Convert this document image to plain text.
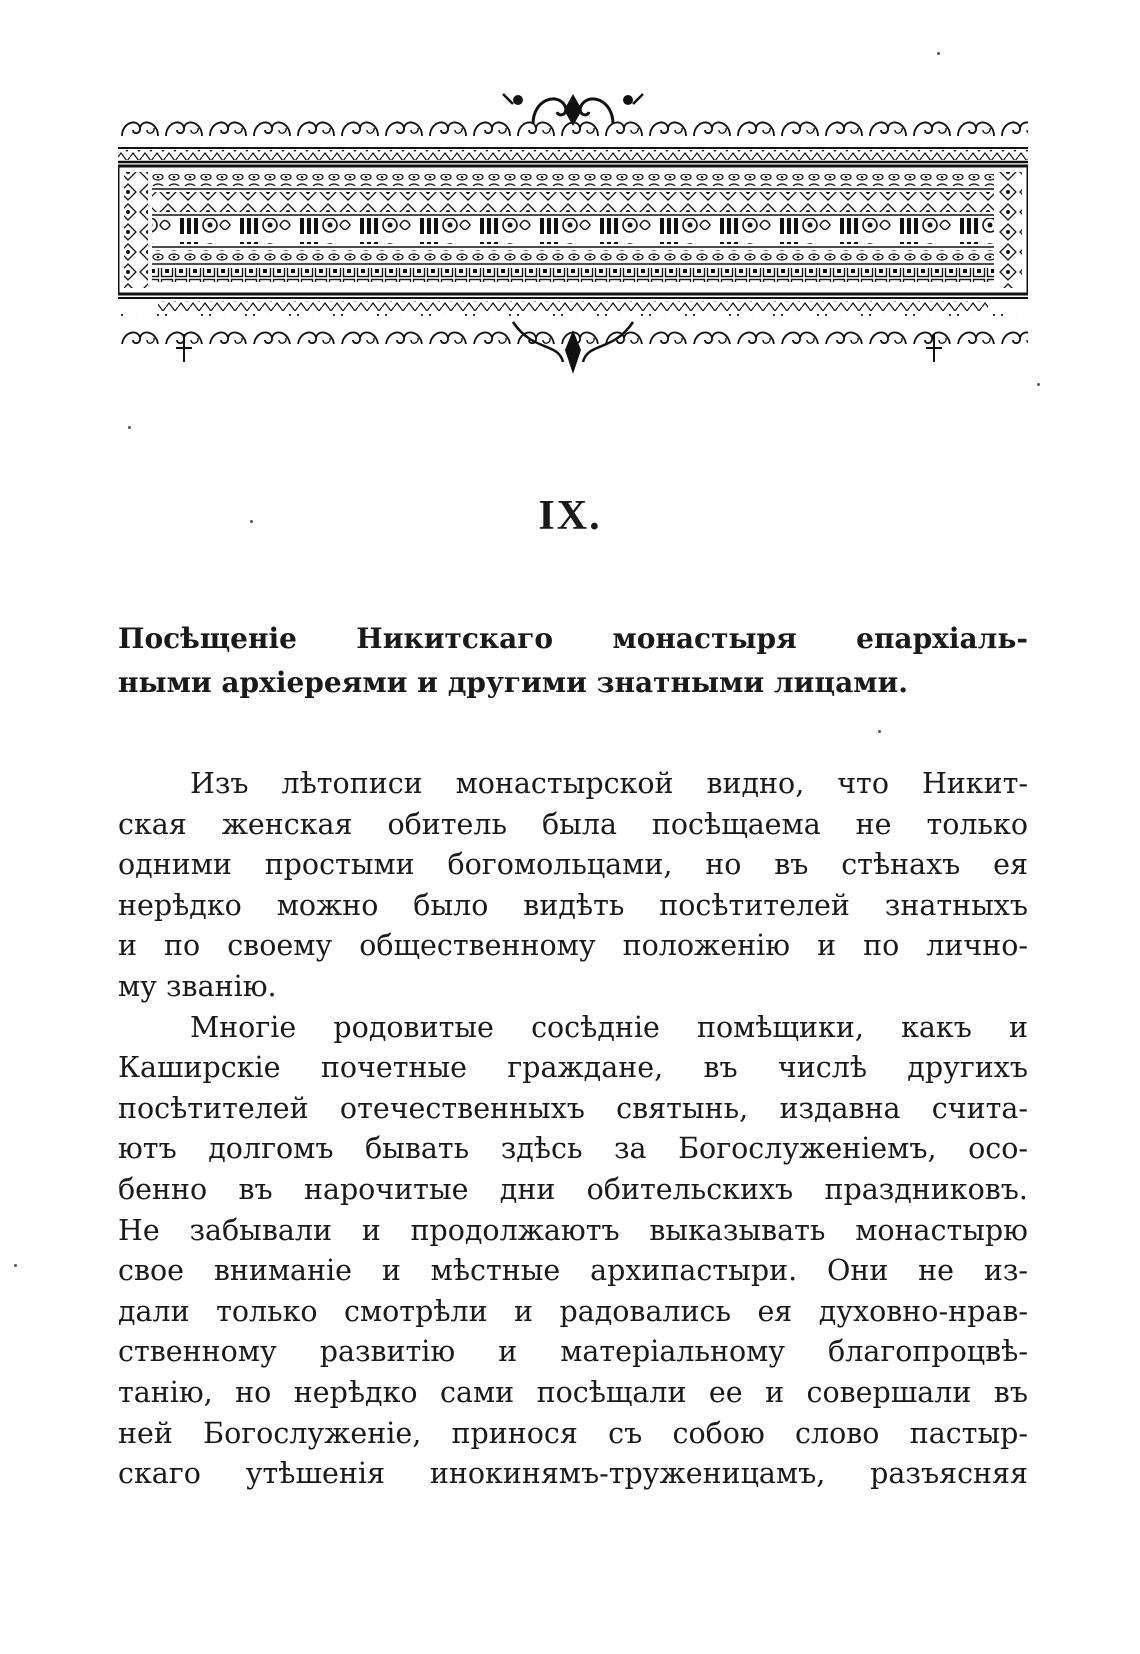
IX.
Посѣщеніе Никитскаго монастыря епархіаль-
ными архіереями и другими знатными лицами.
Изъ лѣтописи монастырской видно, что Никит-
ская женская обитель была посѣщаема не только
одними простыми богомольцами, но въ стѣнахъ ея
нерѣдко можно было видѣть посѣтителей знатныхъ
и по своему общественному положенію и по лично-
му званію.
Многіе родовитые сосѣдніе помѣщики, какъ и
Каширскіе почетные граждане, въ числѣ другихъ
посѣтителей отечественныхъ святынь, издавна счита-
ютъ долгомъ бывать здѣсь за Богослуженіемъ, осо-
бенно въ нарочитые дни обительскихъ праздниковъ.
Не забывали и продолжаютъ выказывать монастырю
свое вниманіе и мѣстные архипастыри. Они не из-
дали только смотрѣли и радовались ея духовно-нрав-
ственному развитію и матеріальному благопроцвѣ-
танію, но нерѣдко сами посѣщали ее и совершали въ
ней Богослуженіе, принося съ собою слово пастыр-
скаго утѣшенія инокинямъ-труженицамъ, разъясняя
